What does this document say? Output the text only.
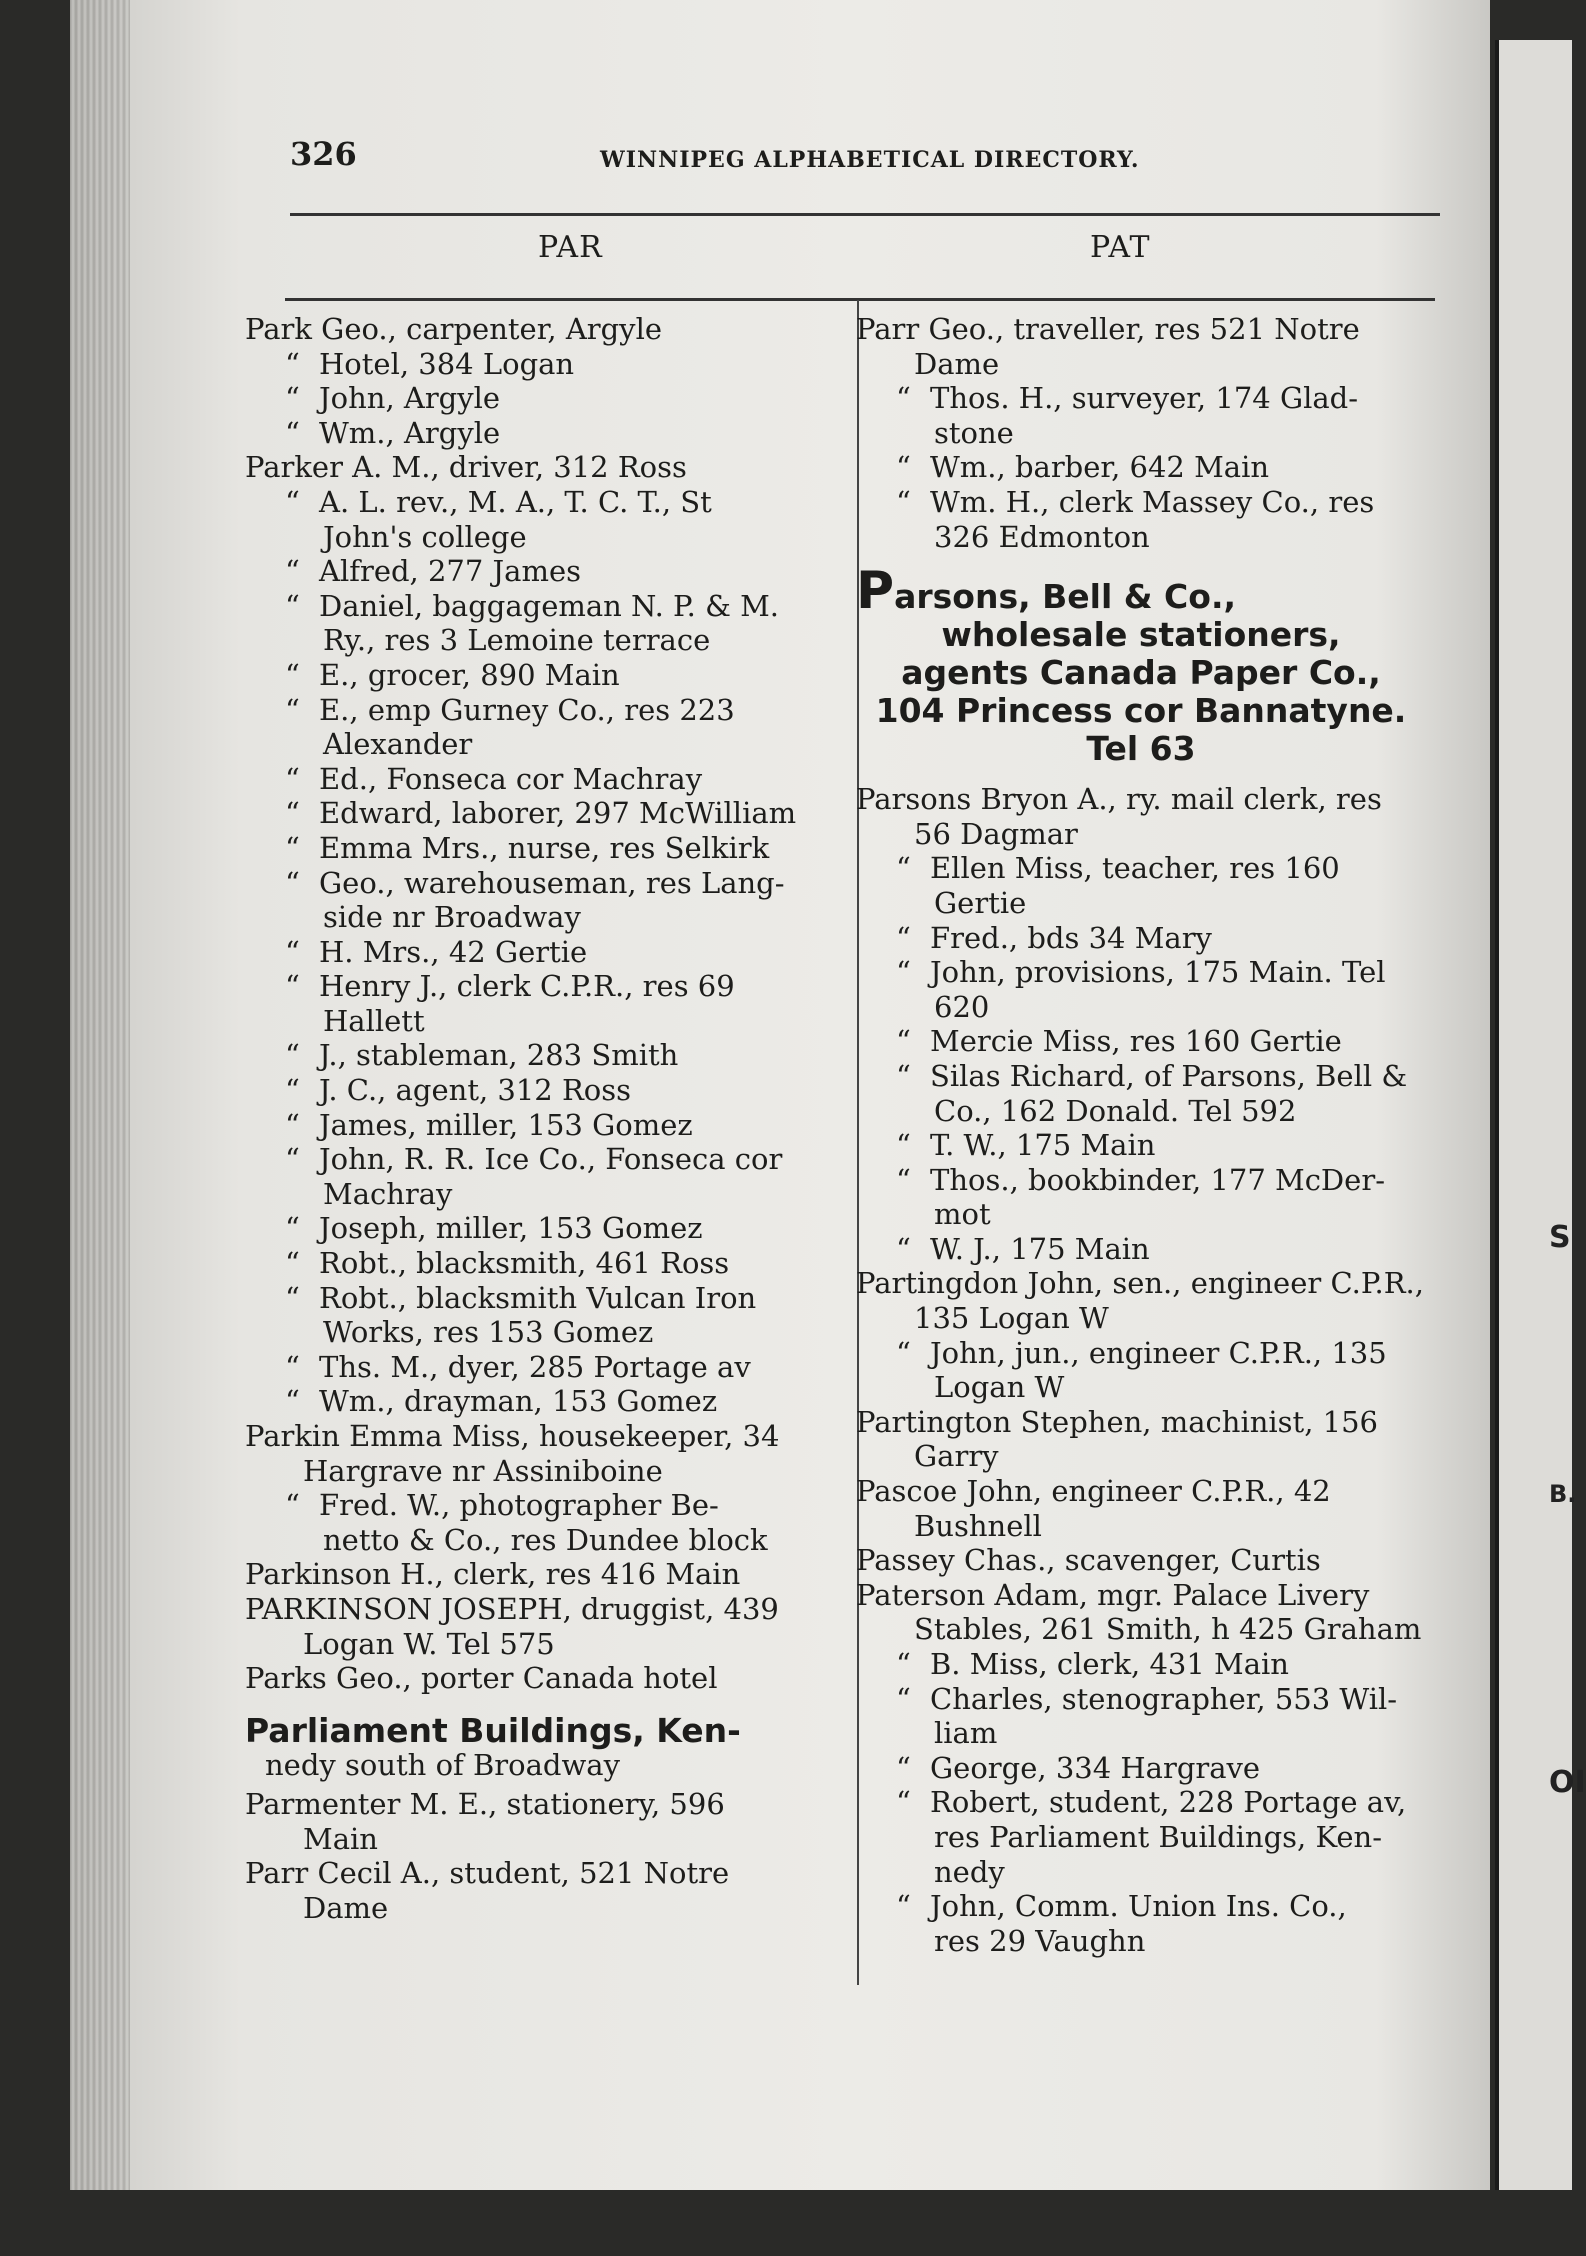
S
B.
OI
326	WINNIPEG ALPHABETICAL DIRECTORY.
PAR	PAT
Park Geo., carpenter, Argyle
“ Hotel, 384 Logan
“ John, Argyle
“ Wm., Argyle
Parker A. M., driver, 312 Ross
“ A. L. rev., M. A., T. C. T., St
John's college
“ Alfred, 277 James
“ Daniel, baggageman N. P. & M.
Ry., res 3 Lemoine terrace
“ E., grocer, 890 Main
“ E., emp Gurney Co., res 223
Alexander
“ Ed., Fonseca cor Machray
“ Edward, laborer, 297 McWilliam
“ Emma Mrs., nurse, res Selkirk
“ Geo., warehouseman, res Lang-
side nr Broadway
“ H. Mrs., 42 Gertie
“ Henry J., clerk C.P.R., res 69
Hallett
“ J., stableman, 283 Smith
“ J. C., agent, 312 Ross
“ James, miller, 153 Gomez
“ John, R. R. Ice Co., Fonseca cor
Machray
“ Joseph, miller, 153 Gomez
“ Robt., blacksmith, 461 Ross
“ Robt., blacksmith Vulcan Iron
Works, res 153 Gomez
“ Ths. M., dyer, 285 Portage av
“ Wm., drayman, 153 Gomez
Parkin Emma Miss, housekeeper, 34
Hargrave nr Assiniboine
“ Fred. W., photographer Be-
netto & Co., res Dundee block
Parkinson H., clerk, res 416 Main
PARKINSON JOSEPH, druggist, 439
Logan W. Tel 575
Parks Geo., porter Canada hotel
Parliament Buildings, Ken-
nedy south of Broadway
Parmenter M. E., stationery, 596
Main
Parr Cecil A., student, 521 Notre
Dame
Parr Geo., traveller, res 521 Notre
Dame
“ Thos. H., surveyer, 174 Glad-
stone
“ Wm., barber, 642 Main
“ Wm. H., clerk Massey Co., res
326 Edmonton
Parsons, Bell & Co.,

wholesale stationers,
agents Canada Paper Co.,
104 Princess cor Bannatyne.
Tel 63
Parsons Bryon A., ry. mail clerk, res
56 Dagmar
“ Ellen Miss, teacher, res 160
Gertie
“ Fred., bds 34 Mary
“ John, provisions, 175 Main. Tel
620
“ Mercie Miss, res 160 Gertie
“ Silas Richard, of Parsons, Bell &
Co., 162 Donald. Tel 592
“ T. W., 175 Main
“ Thos., bookbinder, 177 McDer-
mot
“ W. J., 175 Main
Partingdon John, sen., engineer C.P.R.,
135 Logan W
“ John, jun., engineer C.P.R., 135
Logan W
Partington Stephen, machinist, 156
Garry
Pascoe John, engineer C.P.R., 42
Bushnell
Passey Chas., scavenger, Curtis
Paterson Adam, mgr. Palace Livery
Stables, 261 Smith, h 425 Graham
“ B. Miss, clerk, 431 Main
“ Charles, stenographer, 553 Wil-
liam
“ George, 334 Hargrave
“ Robert, student, 228 Portage av,
res Parliament Buildings, Ken-
nedy
“ John, Comm. Union Ins. Co.,
res 29 Vaughn
